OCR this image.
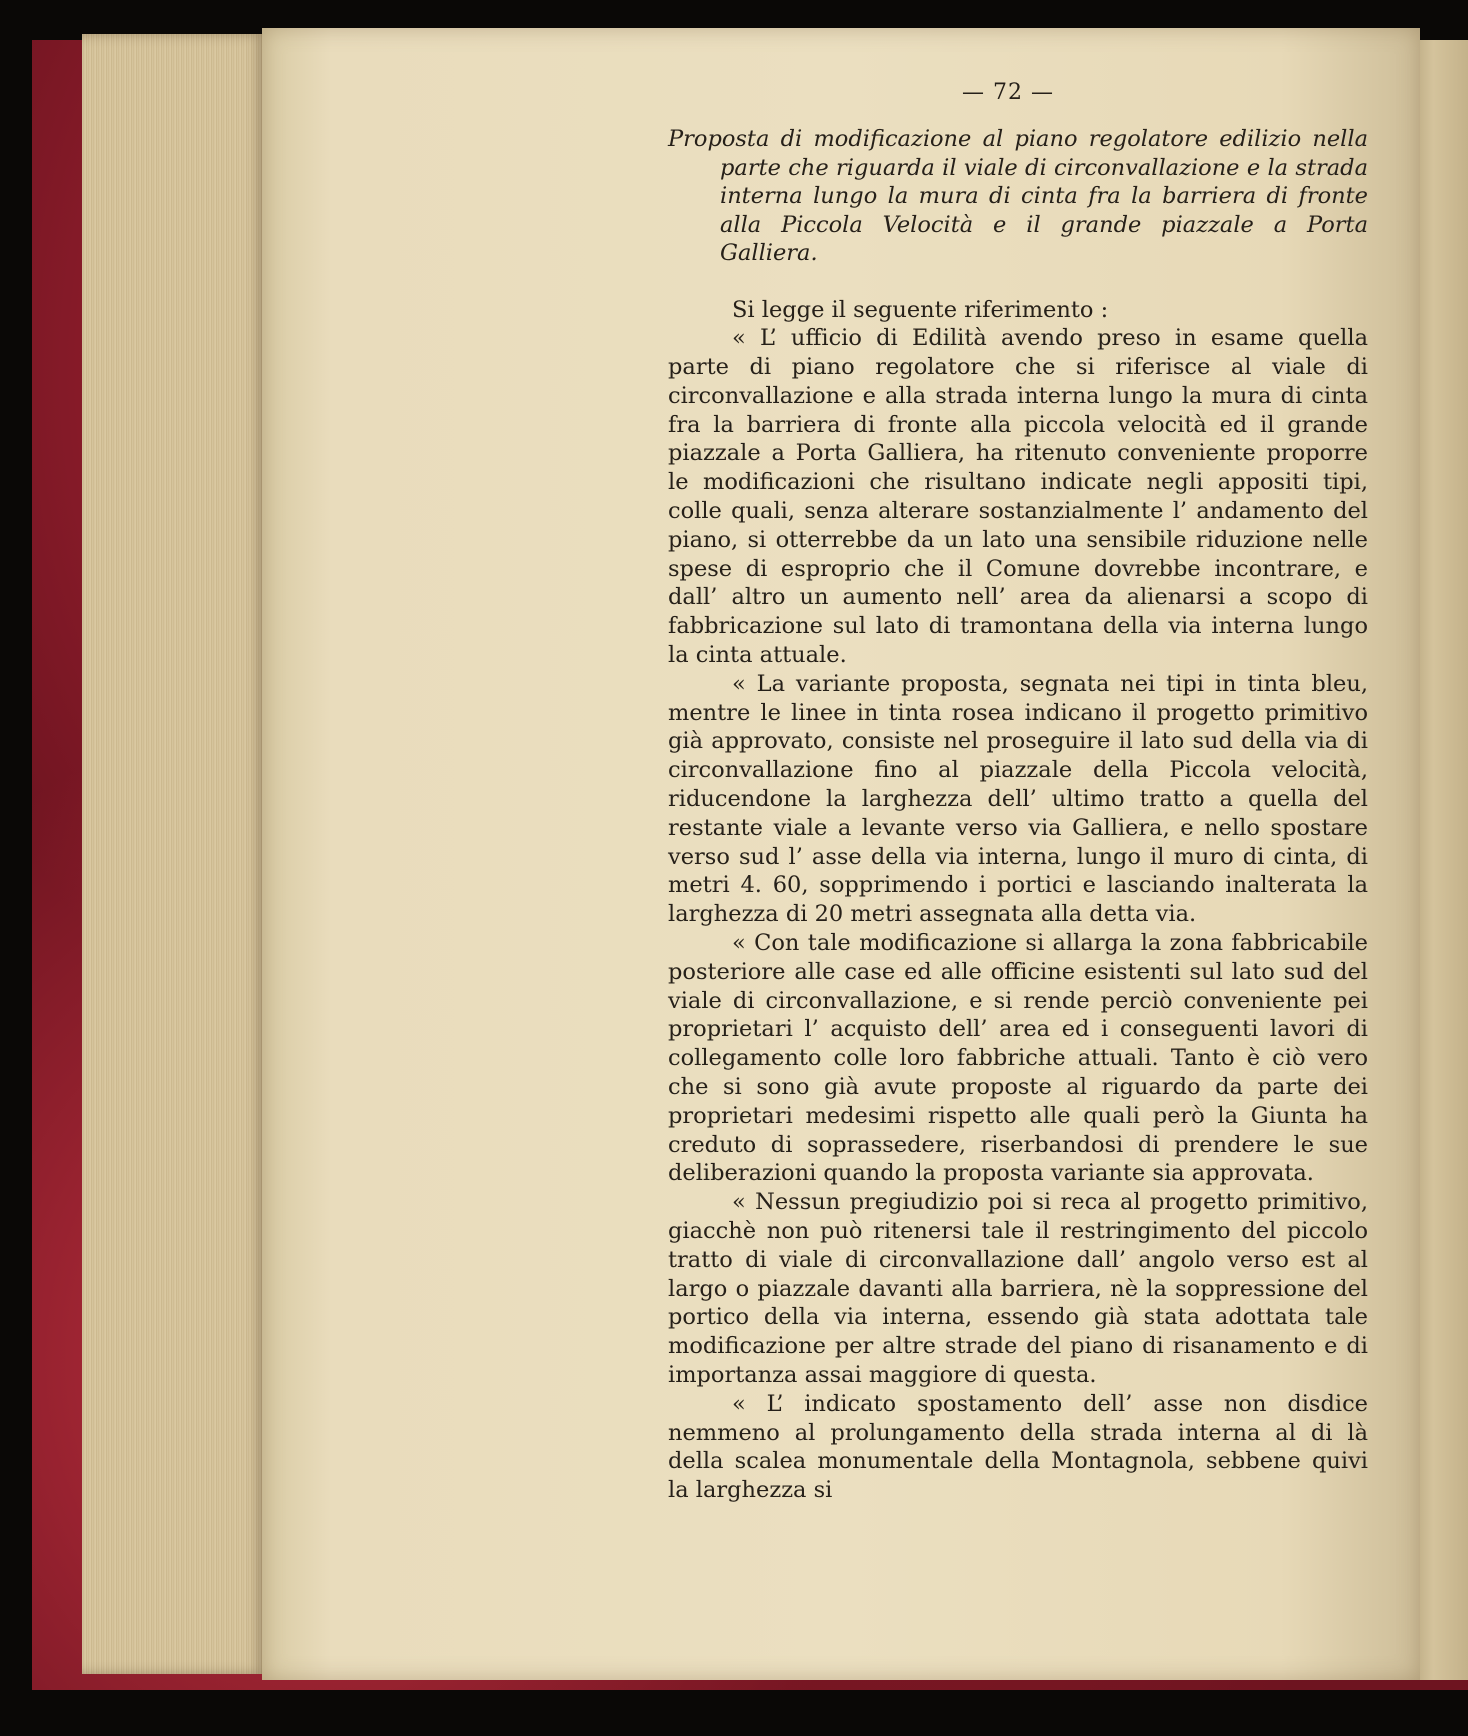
— 72 —
Proposta di modificazione al piano regolatore edilizio nella parte che riguarda il viale di circonvallazione e la strada interna lungo la mura di cinta fra la barriera di fronte alla Piccola Velocità e il grande piazzale a Porta Galliera.

Si legge il seguente riferimento :

« L’ ufficio di Edilità avendo preso in esame quella parte di piano regolatore che si riferisce al viale di circonvallazione e alla strada interna lungo la mura di cinta fra la barriera di fronte alla piccola velocità ed il grande piazzale a Porta Galliera, ha ritenuto conveniente proporre le modificazioni che risultano indicate negli appositi tipi, colle quali, senza alterare sostanzialmente l’ andamento del piano, si otterrebbe da un lato una sensibile riduzione nelle spese di esproprio che il Comune dovrebbe incontrare, e dall’ altro un aumento nell’ area da alienarsi a scopo di fabbricazione sul lato di tramontana della via interna lungo la cinta attuale.

« La variante proposta, segnata nei tipi in tinta bleu, mentre le linee in tinta rosea indicano il progetto primitivo già approvato, consiste nel proseguire il lato sud della via di circonvallazione fino al piazzale della Piccola velocità, riducendone la larghezza dell’ ultimo tratto a quella del restante viale a levante verso via Galliera, e nello spostare verso sud l’ asse della via interna, lungo il muro di cinta, di metri 4. 60, sopprimendo i portici e lasciando inalterata la larghezza di 20 metri assegnata alla detta via.

« Con tale modificazione si allarga la zona fabbricabile posteriore alle case ed alle officine esistenti sul lato sud del viale di circonvallazione, e si rende perciò conveniente pei proprietari l’ acquisto dell’ area ed i conseguenti lavori di collegamento colle loro fabbriche attuali. Tanto è ciò vero che si sono già avute proposte al riguardo da parte dei proprietari medesimi rispetto alle quali però la Giunta ha creduto di soprassedere, riserbandosi di prendere le sue deliberazioni quando la proposta variante sia approvata.

« Nessun pregiudizio poi si reca al progetto primitivo, giacchè non può ritenersi tale il restringimento del piccolo tratto di viale di circonvallazione dall’ angolo verso est al largo o piazzale davanti alla barriera, nè la soppressione del portico della via interna, essendo già stata adottata tale modificazione per altre strade del piano di risanamento e di importanza assai maggiore di questa.

« L’ indicato spostamento dell’ asse non disdice nemmeno al prolungamento della strada interna al di là della scalea monumentale della Montagnola, sebbene quivi la larghezza si
